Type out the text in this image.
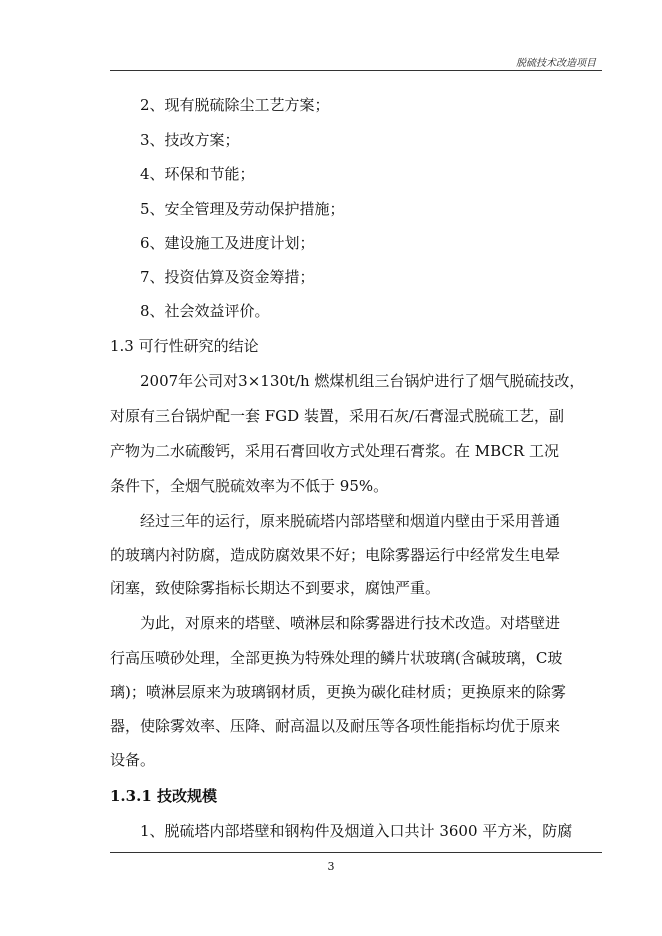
脱硫技术改造项目
2、现有脱硫除尘工艺方案；
3、技改方案；
4、环保和节能；
5、安全管理及劳动保护措施；
6、建设施工及进度计划；
7、投资估算及资金筹措；
8、社会效益评价。
1.3 可行性研究的结论
2007年公司对3×130t/h 燃煤机组三台锅炉进行了烟气脱硫技改，
对原有三台锅炉配一套 FGD 装置，采用石灰/石膏湿式脱硫工艺，副
产物为二水硫酸钙，采用石膏回收方式处理石膏浆。在 MBCR 工况
条件下，全烟气脱硫效率为不低于 95%。
经过三年的运行，原来脱硫塔内部塔壁和烟道内壁由于采用普通
的玻璃内衬防腐，造成防腐效果不好；电除雾器运行中经常发生电晕
闭塞，致使除雾指标长期达不到要求，腐蚀严重。
为此，对原来的塔壁、喷淋层和除雾器进行技术改造。对塔壁进
行高压喷砂处理，全部更换为特殊处理的鳞片状玻璃(含碱玻璃，C玻
璃)；喷淋层原来为玻璃钢材质，更换为碳化硅材质；更换原来的除雾
器，使除雾效率、压降、耐高温以及耐压等各项性能指标均优于原来
设备。
1.3.1 技改规模
1、脱硫塔内部塔壁和钢构件及烟道入口共计 3600 平方米，防腐
3
